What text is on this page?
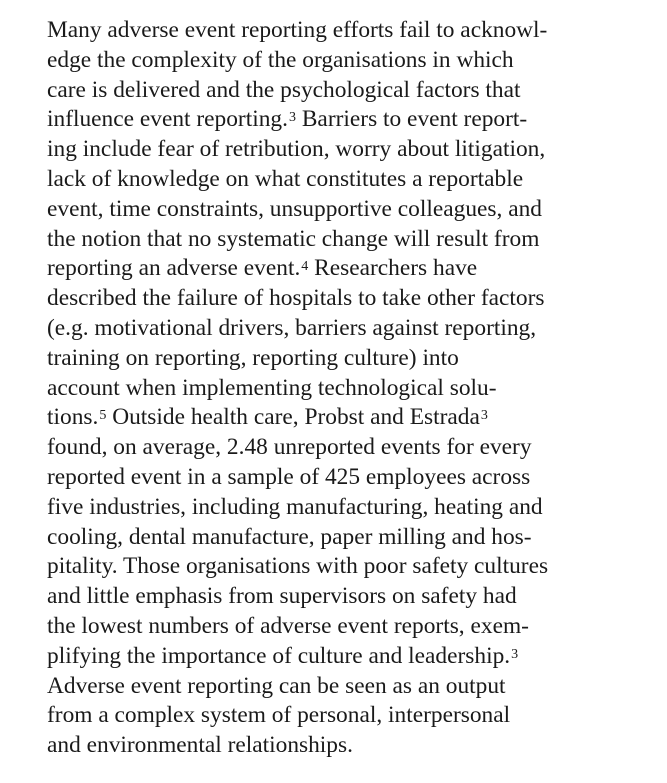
Many adverse event reporting efforts fail to acknowl-
edge the complexity of the organisations in which
care is delivered and the psychological factors that
influence event reporting.$^3$ Barriers to event report-
ing include fear of retribution, worry about litigation,
lack of knowledge on what constitutes a reportable
event, time constraints, unsupportive colleagues, and
the notion that no systematic change will result from
reporting an adverse event.$^4$ Researchers have
described the failure of hospitals to take other factors
(e.g. motivational drivers, barriers against reporting,
training on reporting, reporting culture) into
account when implementing technological solu-
tions.$^5$ Outside health care, Probst and Estrada$^3$
found, on average, 2.48 unreported events for every
reported event in a sample of 425 employees across
five industries, including manufacturing, heating and
cooling, dental manufacture, paper milling and hos-
pitality. Those organisations with poor safety cultures
and little emphasis from supervisors on safety had
the lowest numbers of adverse event reports, exem-
plifying the importance of culture and leadership.$^3$
Adverse event reporting can be seen as an output
from a complex system of personal, interpersonal
and environmental relationships.
